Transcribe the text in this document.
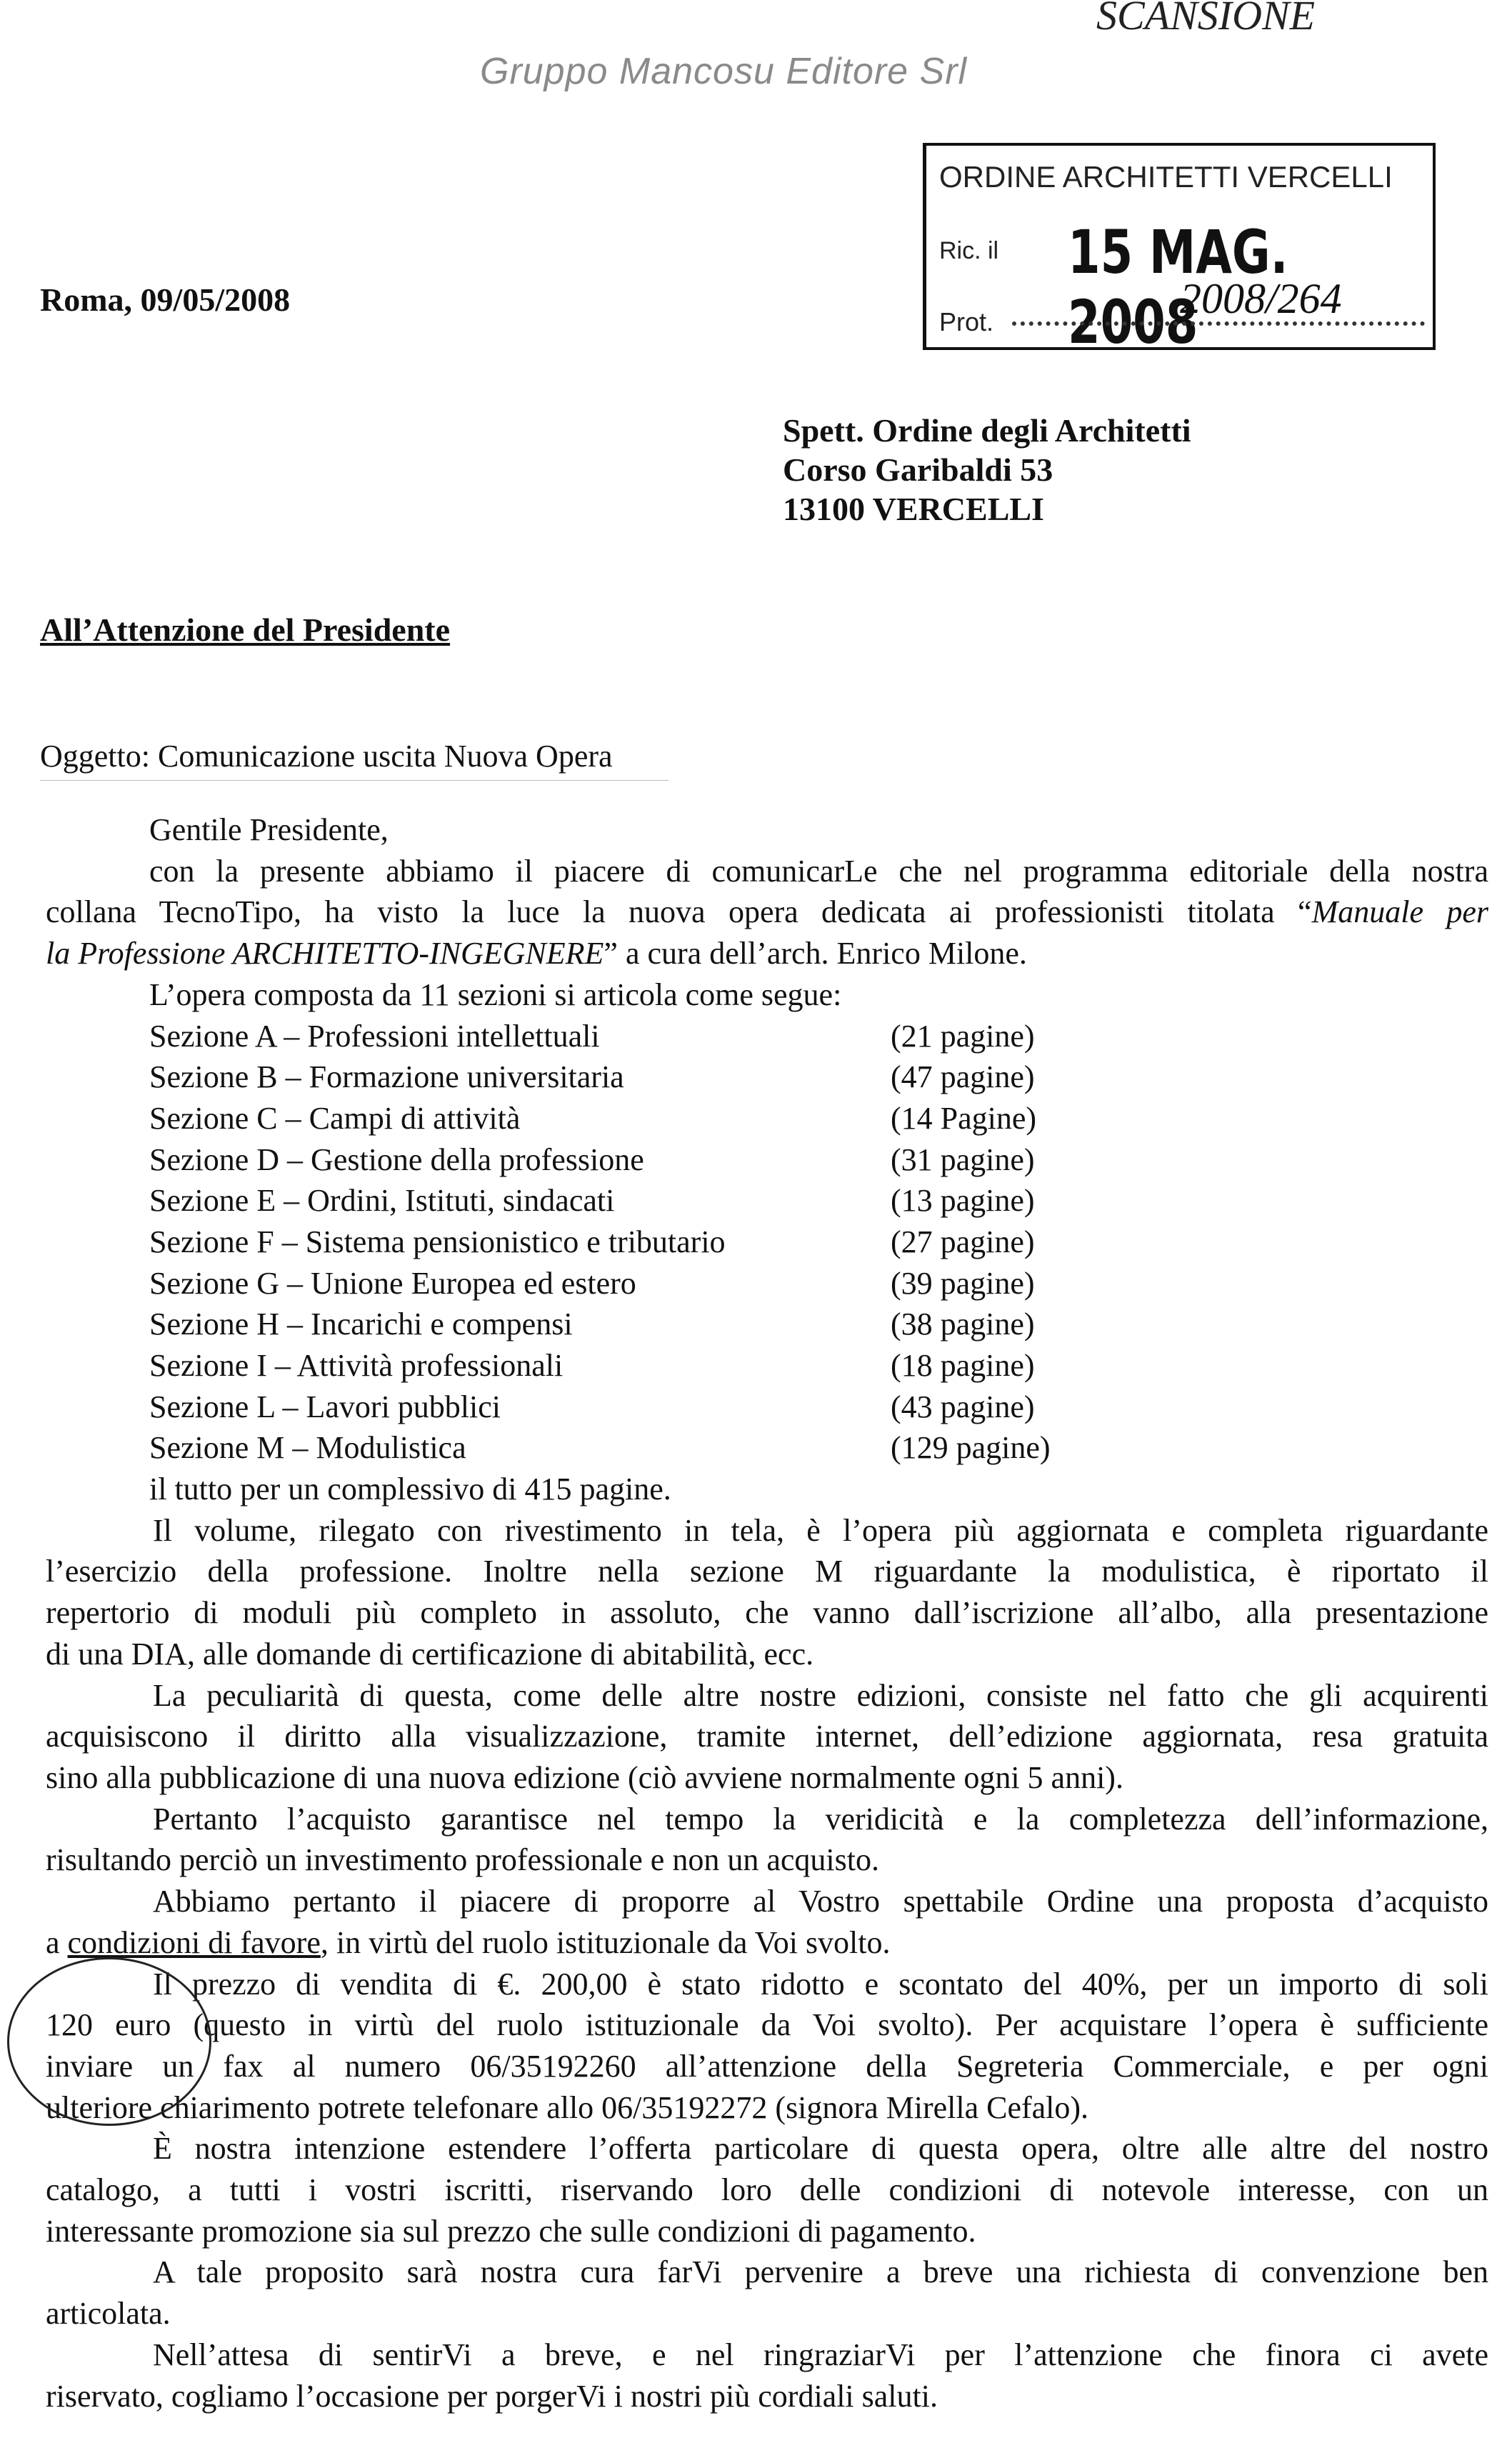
Gruppo Mancosu Editore Srl
SCANSIONE
ORDINE ARCHITETTI VERCELLI
Ric. il 15 MAG. 2008
Prot.	2008/264
Roma, 09/05/2008
Spett. Ordine degli Architetti
Corso Garibaldi 53
13100 VERCELLI
All’Attenzione del Presidente
Oggetto: Comunicazione uscita Nuova Opera

Gentile Presidente,

con la presente abbiamo il piacere di comunicarLe che nel programma editoriale della nostra

collana TecnoTipo, ha visto la luce la nuova opera dedicata ai professionisti titolata “Manuale per

la Professione ARCHITETTO-INGEGNERE” a cura dell’arch. Enrico Milone.

L’opera composta da 11 sezioni si articola come segue:

Sezione A – Professioni intellettuali	(21 pagine)
Sezione B – Formazione universitaria	(47 pagine)
Sezione C – Campi di attività	(14 Pagine)
Sezione D – Gestione della professione	(31 pagine)
Sezione E – Ordini, Istituti, sindacati	(13 pagine)
Sezione F – Sistema pensionistico e tributario	(27 pagine)
Sezione G – Unione Europea ed estero	(39 pagine)
Sezione H – Incarichi e compensi	(38 pagine)
Sezione I – Attività professionali	(18 pagine)
Sezione L – Lavori pubblici	(43 pagine)
Sezione M – Modulistica	(129 pagine)

il tutto per un complessivo di 415 pagine.

Il volume, rilegato con rivestimento in tela, è l’opera più aggiornata e completa riguardante

l’esercizio della professione. Inoltre nella sezione M riguardante la modulistica, è riportato il

repertorio di moduli più completo in assoluto, che vanno dall’iscrizione all’albo, alla presentazione

di una DIA, alle domande di certificazione di abitabilità, ecc.

La peculiarità di questa, come delle altre nostre edizioni, consiste nel fatto che gli acquirenti

acquisiscono il diritto alla visualizzazione, tramite internet, dell’edizione aggiornata, resa gratuita

sino alla pubblicazione di una nuova edizione (ciò avviene normalmente ogni 5 anni).

Pertanto l’acquisto garantisce nel tempo la veridicità e la completezza dell’informazione,

risultando perciò un investimento professionale e non un acquisto.

Abbiamo pertanto il piacere di proporre al Vostro spettabile Ordine una proposta d’acquisto

a condizioni di favore, in virtù del ruolo istituzionale da Voi svolto.

Il prezzo di vendita di €. 200,00 è stato ridotto e scontato del 40%, per un importo di soli

120 euro (questo in virtù del ruolo istituzionale da Voi svolto). Per acquistare l’opera è sufficiente

inviare un fax al numero 06/35192260 all’attenzione della Segreteria Commerciale, e per ogni

ulteriore chiarimento potrete telefonare allo 06/35192272 (signora Mirella Cefalo).

È nostra intenzione estendere l’offerta particolare di questa opera, oltre alle altre del nostro

catalogo, a tutti i vostri iscritti, riservando loro delle condizioni di notevole interesse, con un

interessante promozione sia sul prezzo che sulle condizioni di pagamento.

A tale proposito sarà nostra cura farVi pervenire a breve una richiesta di convenzione ben

articolata.

Nell’attesa di sentirVi a breve, e nel ringraziarVi per l’attenzione che finora ci avete

riservato, cogliamo l’occasione per porgerVi i nostri più cordiali saluti.
